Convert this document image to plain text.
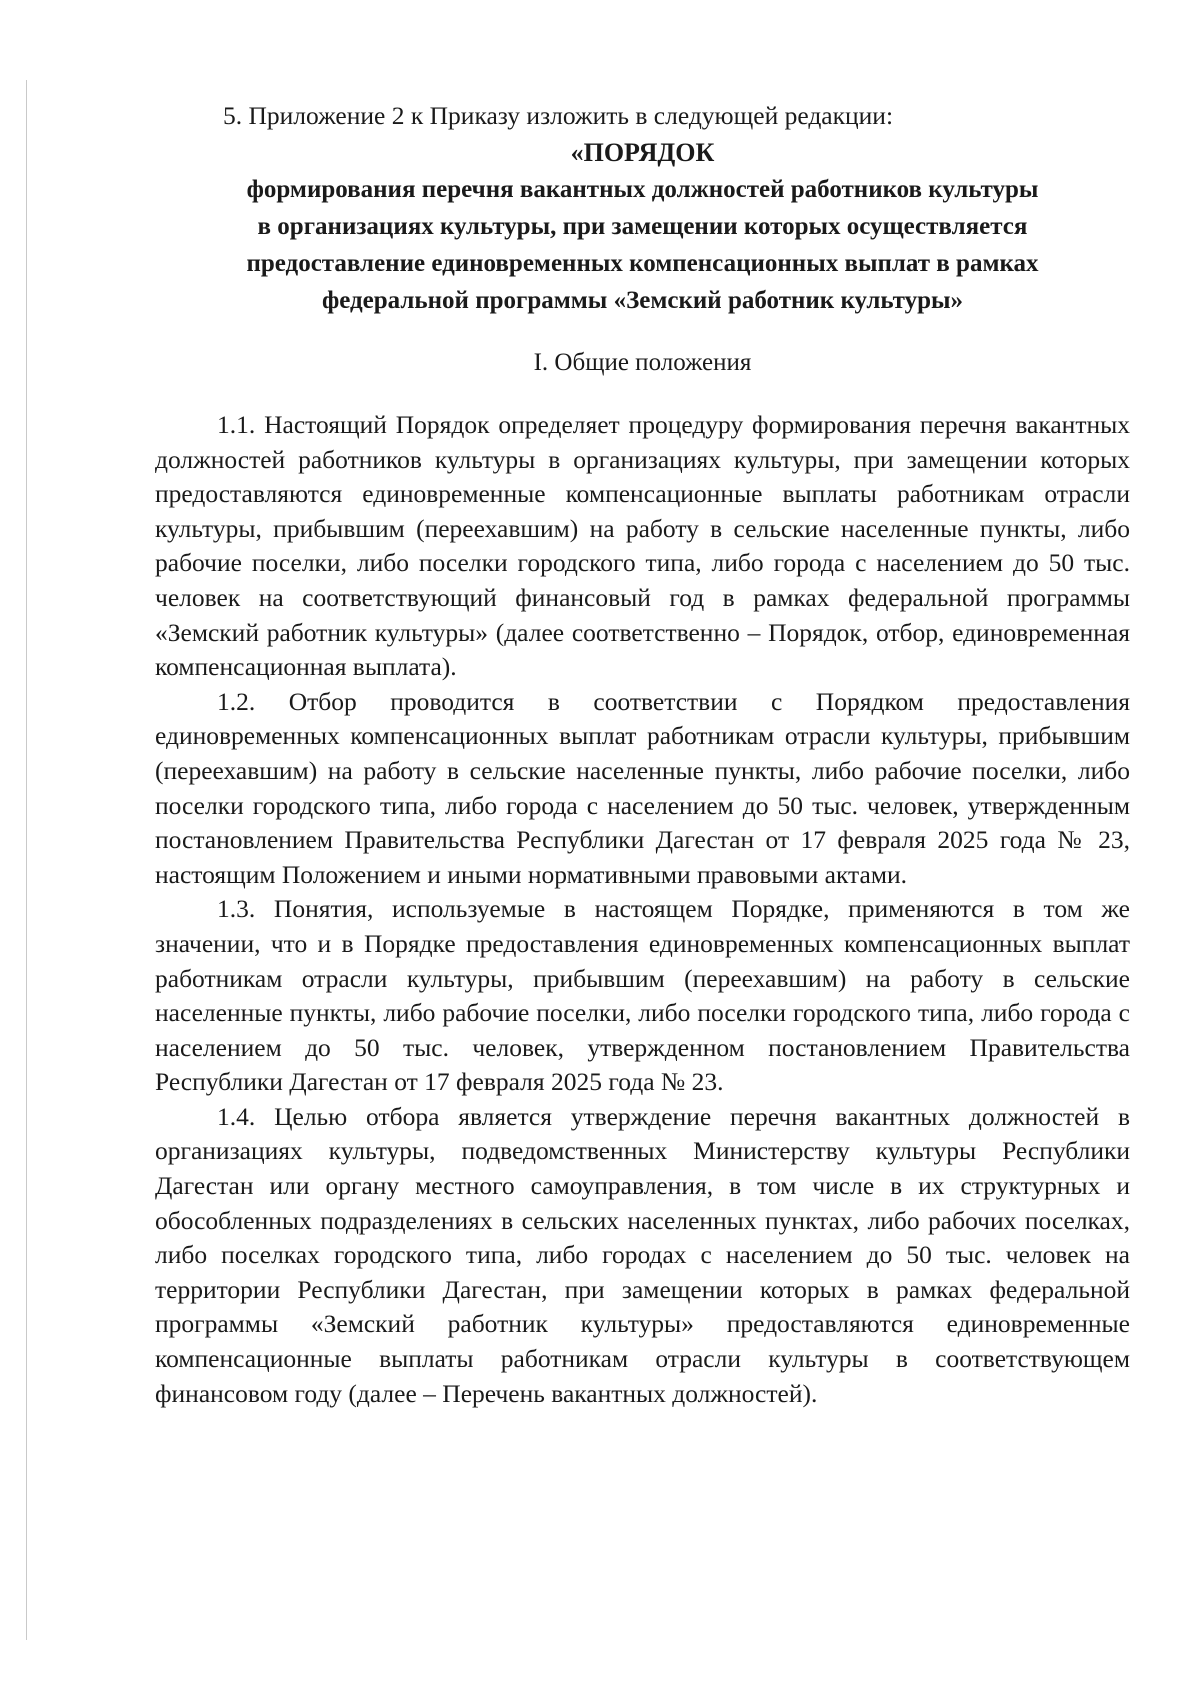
5. Приложение 2 к Приказу изложить в следующей редакции:

«ПОРЯДОК
формирования перечня вакантных должностей работников культуры
в организациях культуры, при замещении которых осуществляется
предоставление единовременных компенсационных выплат в рамках
федеральной программы «Земский работник культуры»

I. Общие положения

1.1. Настоящий Порядок определяет процедуру формирования перечня вакантных должностей работников культуры в организациях культуры, при замещении которых предоставляются единовременные компенсационные выплаты работникам отрасли культуры, прибывшим (переехавшим) на работу в сельские населенные пункты, либо рабочие поселки, либо поселки городского типа, либо города с населением до 50 тыс. человек на соответствующий финансовый год в рамках федеральной программы «Земский работник культуры» (далее соответственно – Порядок, отбор, единовременная компенсационная выплата).

1.2. Отбор проводится в соответствии с Порядком предоставления единовременных компенсационных выплат работникам отрасли культуры, прибывшим (переехавшим) на работу в сельские населенные пункты, либо рабочие поселки, либо поселки городского типа, либо города с населением до 50 тыс. человек, утвержденным постановлением Правительства Республики Дагестан от 17 февраля 2025 года № 23, настоящим Положением и иными нормативными правовыми актами.

1.3. Понятия, используемые в настоящем Порядке, применяются в том же значении, что и в Порядке предоставления единовременных компенсационных выплат работникам отрасли культуры, прибывшим (переехавшим) на работу в сельские населенные пункты, либо рабочие поселки, либо поселки городского типа, либо города с населением до 50 тыс. человек, утвержденном постановлением Правительства Республики Дагестан от 17 февраля 2025 года № 23.

1.4. Целью отбора является утверждение перечня вакантных должностей в организациях культуры, подведомственных Министерству культуры Республики Дагестан или органу местного самоуправления, в том числе в их структурных и обособленных подразделениях в сельских населенных пунктах, либо рабочих поселках, либо поселках городского типа, либо городах с населением до 50 тыс. человек на территории Республики Дагестан, при замещении которых в рамках федеральной программы «Земский работник культуры» предоставляются единовременные компенсационные выплаты работникам отрасли культуры в соответствующем финансовом году (далее – Перечень вакантных должностей).
